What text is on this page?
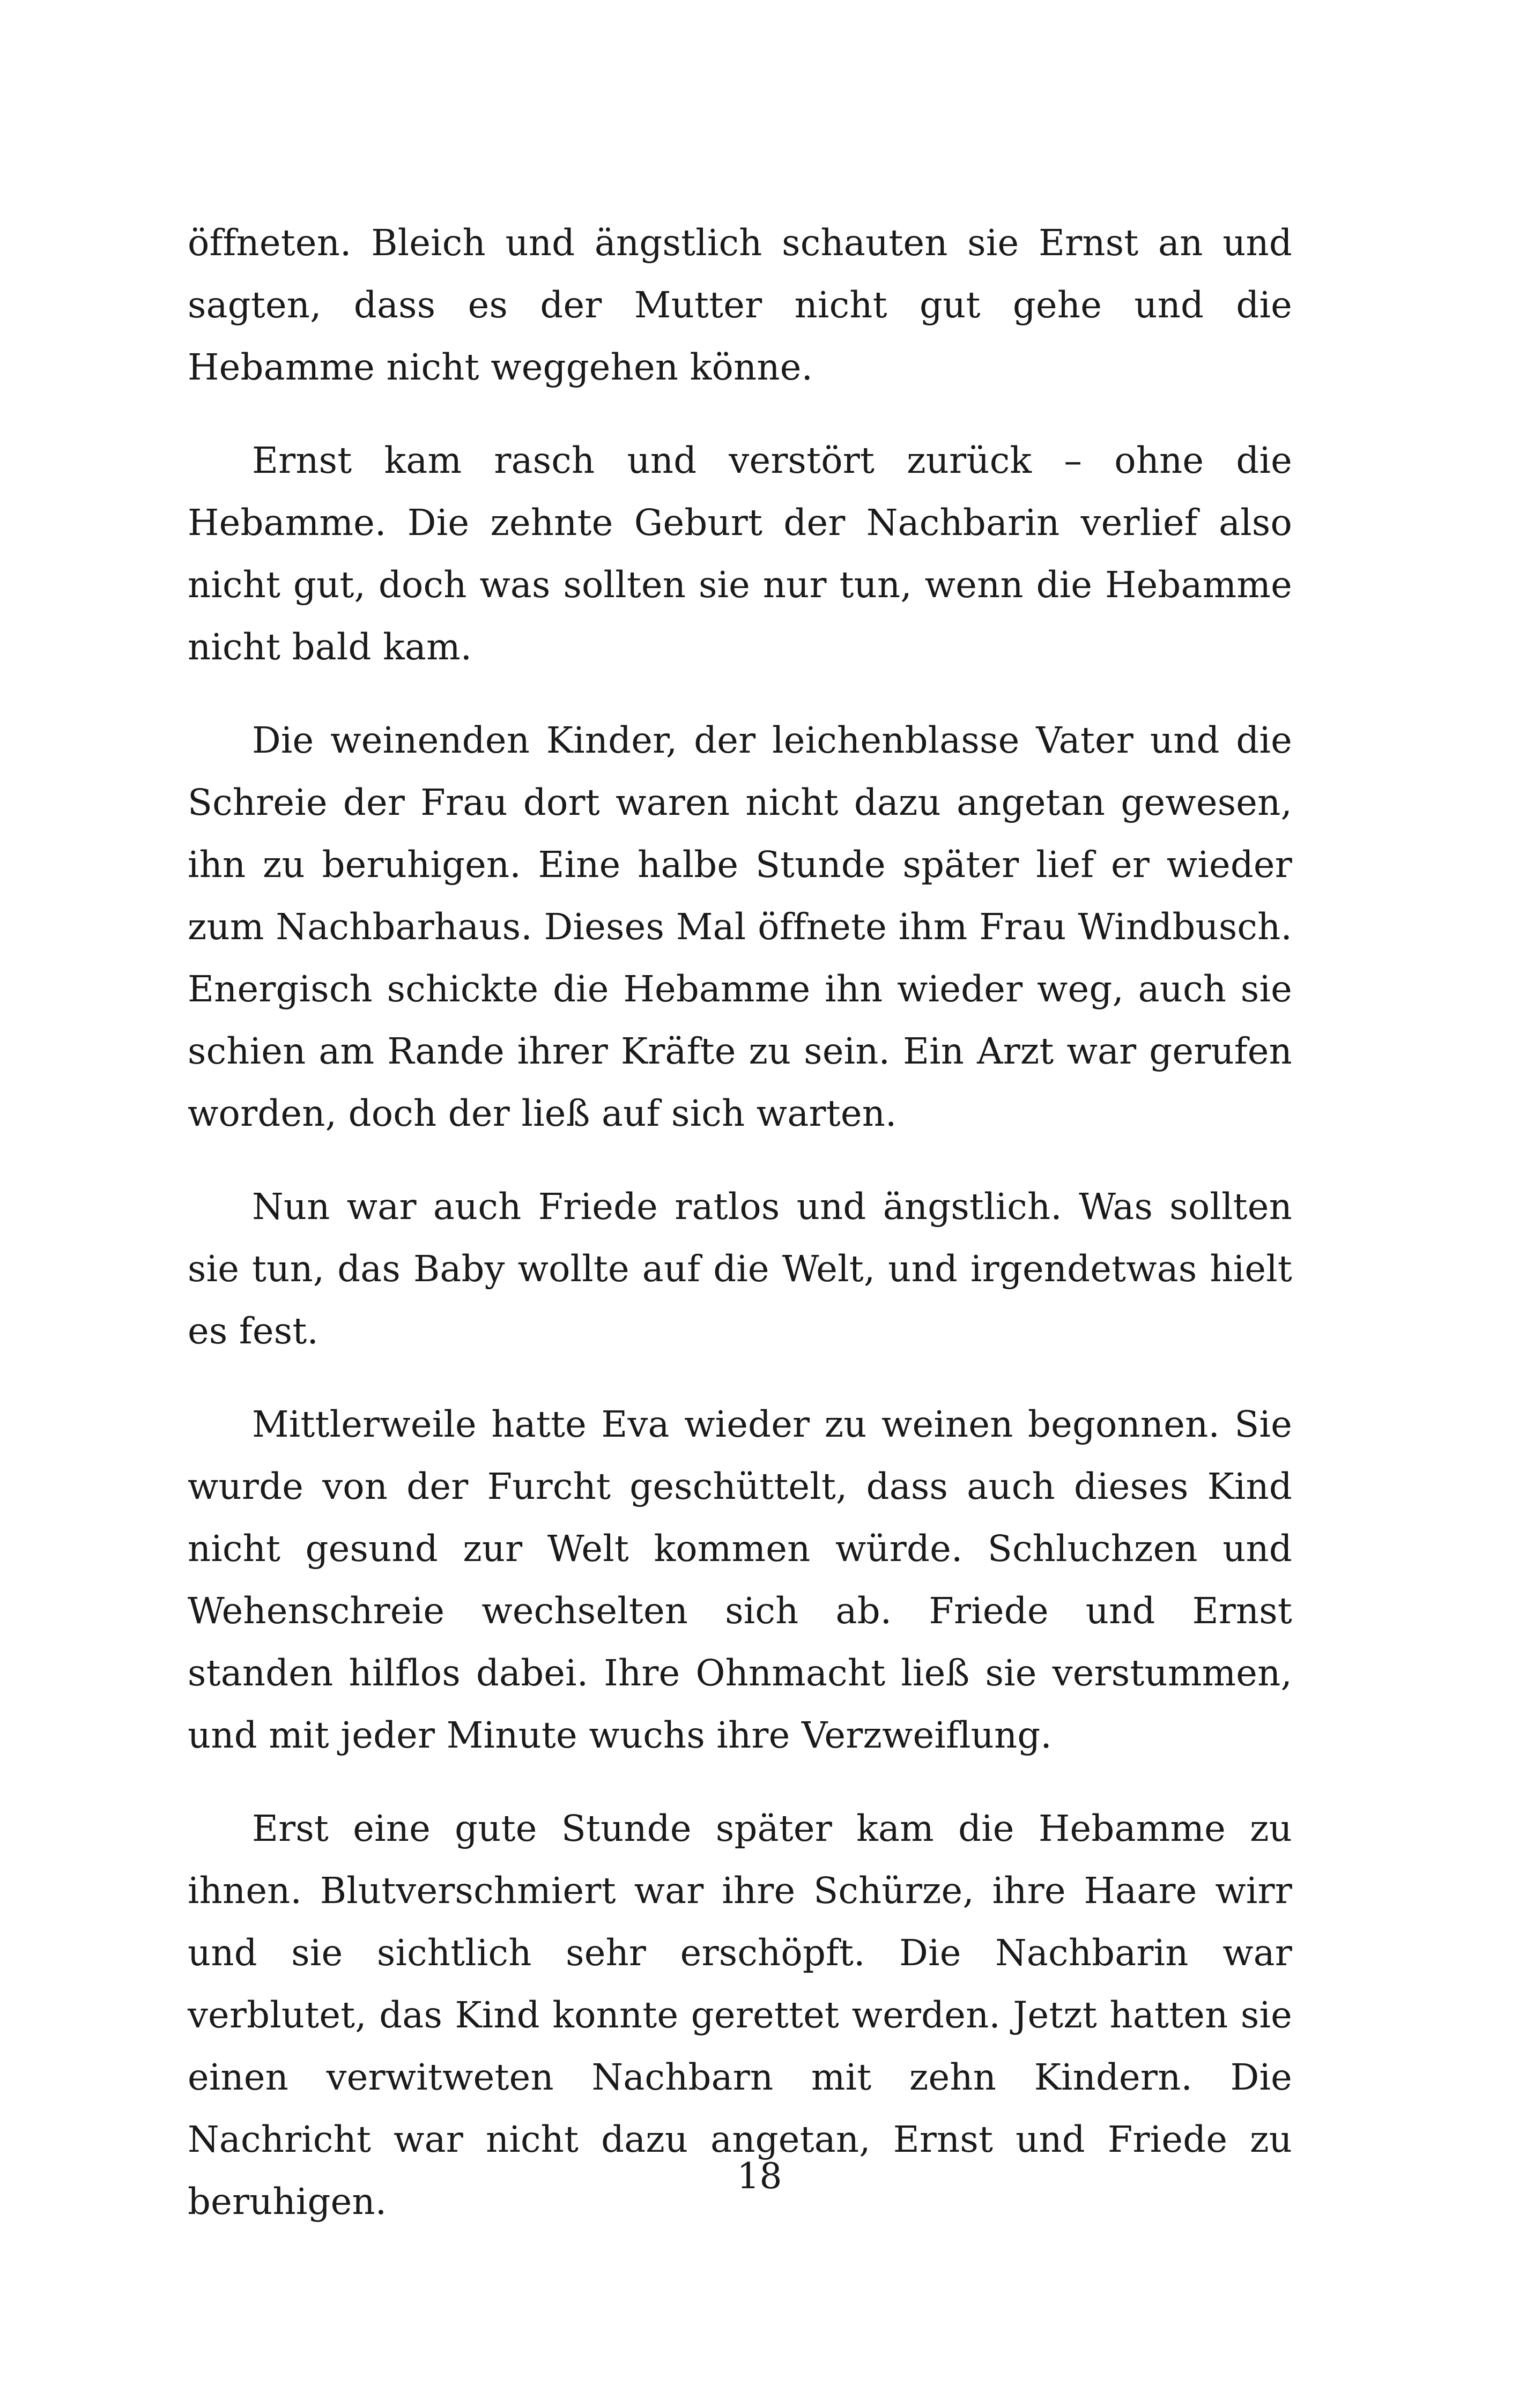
öffneten. Bleich und ängstlich schauten sie Ernst an und sagten, dass es der Mutter nicht gut gehe und die Hebamme nicht weggehen könne.

Ernst kam rasch und verstört zurück – ohne die Hebamme. Die zehnte Geburt der Nachbarin verlief also nicht gut, doch was sollten sie nur tun, wenn die Hebamme nicht bald kam.

Die weinenden Kinder, der leichenblasse Vater und die Schreie der Frau dort waren nicht dazu angetan gewesen, ihn zu beruhigen. Eine halbe Stunde später lief er wieder zum Nachbarhaus. Dieses Mal öffnete ihm Frau Windbusch. Energisch schickte die Hebamme ihn wieder weg, auch sie schien am Rande ihrer Kräfte zu sein. Ein Arzt war gerufen worden, doch der ließ auf sich warten.

Nun war auch Friede ratlos und ängstlich. Was sollten sie tun, das Baby wollte auf die Welt, und irgendetwas hielt es fest.

Mittlerweile hatte Eva wieder zu weinen begonnen. Sie wurde von der Furcht geschüttelt, dass auch dieses Kind nicht gesund zur Welt kommen würde. Schluchzen und Wehenschreie wechselten sich ab. Friede und Ernst standen hilflos dabei. Ihre Ohnmacht ließ sie verstummen, und mit jeder Minute wuchs ihre Verzweiflung.

Erst eine gute Stunde später kam die Hebamme zu ihnen. Blutverschmiert war ihre Schürze, ihre Haare wirr und sie sichtlich sehr erschöpft. Die Nachbarin war verblutet, das Kind konnte gerettet werden. Jetzt hatten sie einen verwitweten Nachbarn mit zehn Kindern. Die Nachricht war nicht dazu angetan, Ernst und Friede zu beruhigen.

18
